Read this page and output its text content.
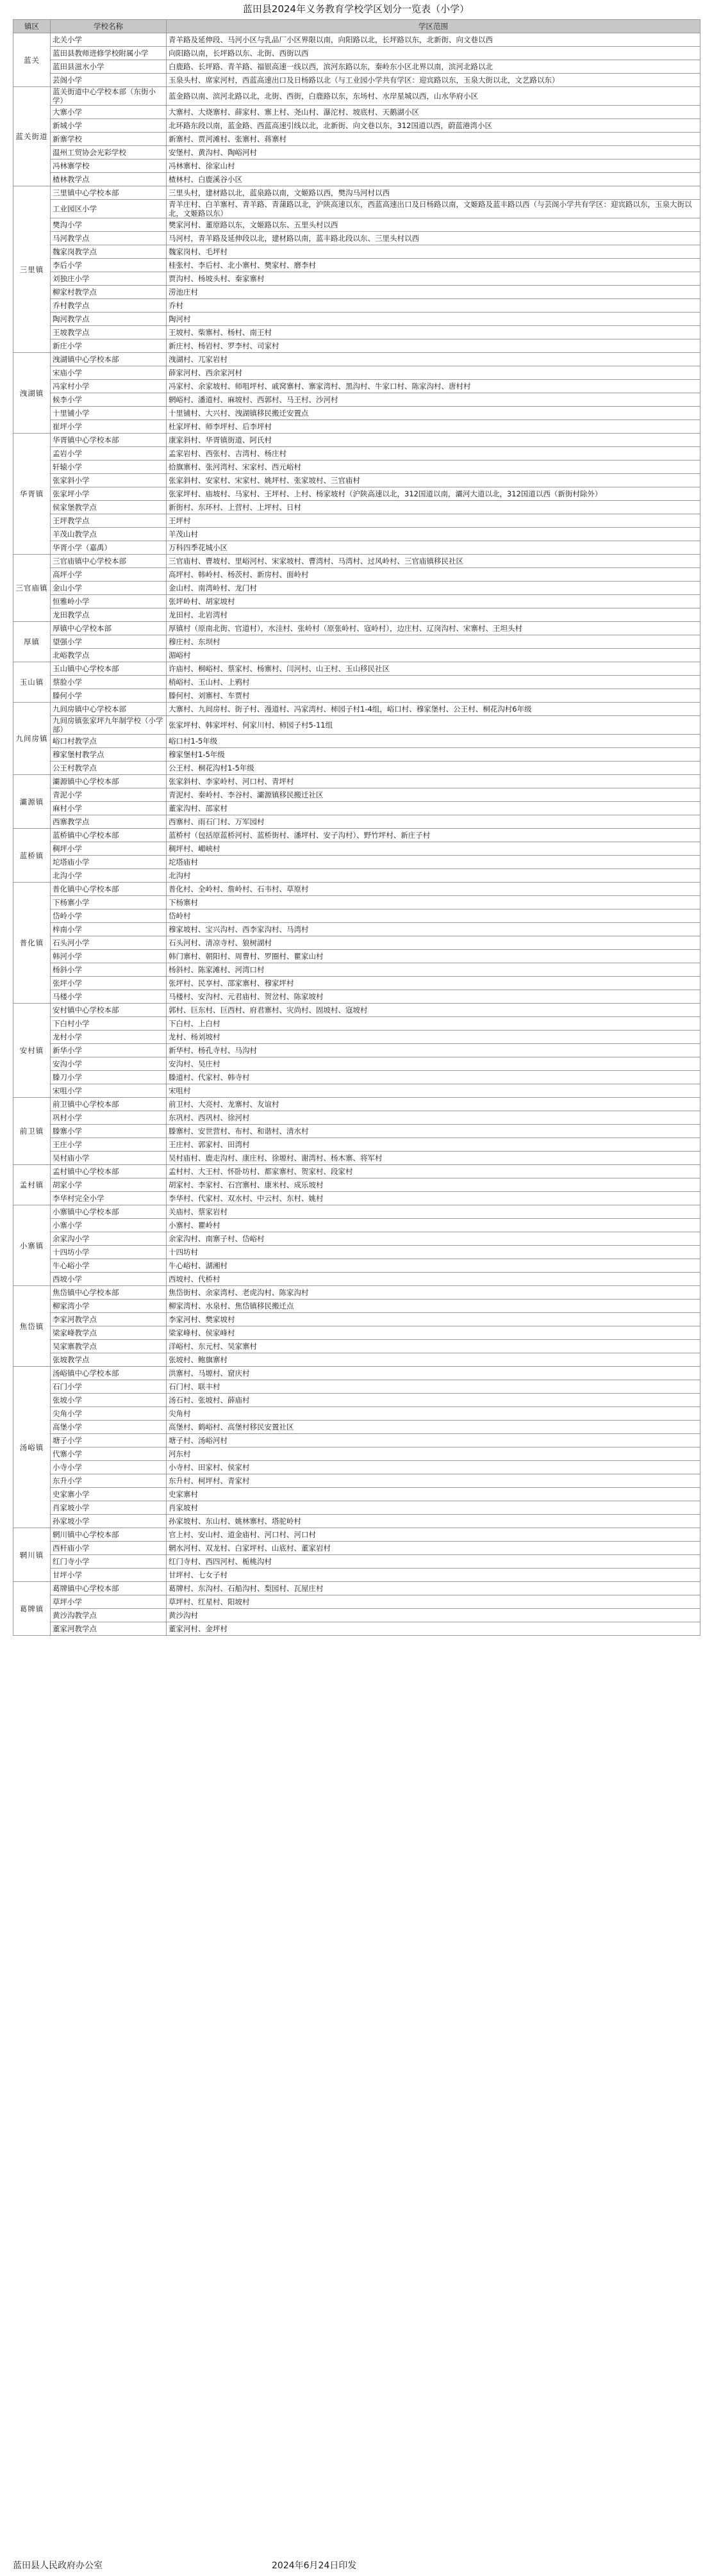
蓝田县2024年义务教育学校学区划分一览表（小学）
镇区	学校名称	学区范围
蓝关	北关小学	青羊路及延伸段、马河小区与乳品厂小区界限以南，向阳路以北，长坪路以东，北新街、向文巷以西
	蓝田县教师进修学校附属小学	向阳路以南，长坪路以东、北街、西街以西
	蓝田县滋水小学	白鹿路、长坪路、青羊路、福银高速一线以西，滨河东路以东，秦岭东小区北界以南，滨河北路以北
	芸阁小学	玉泉头村、席家河村，西蓝高速出口及日杨路以北（与工业园小学共有学区：迎宾路以东，玉泉大街以北，文艺路以东）
蓝关街道	蓝关街道中心学校本部（东街小学）	蓝金路以南、滨河北路以北，北街、西街，白鹿路以东，东场村、水岸星城以西，山水华府小区
	大寨小学	大寨村、大烧寨村、薛家村、寨上村、尧山村、瀑沱村、坡底村、天鹅湖小区
	新城小学	北环路东段以南，蓝金路、西蓝高速引线以北，北新街、向文巷以东，312国道以西，蔚蓝港湾小区
	新寨学校	新寨村、贾河滩村、张寨村、蒋寨村
	温州工贸协会光彩学校	安堡村、黄沟村、陶峪河村
	冯林寨学校	冯林寨村、徐家山村
	楂林教学点	楂林村、白鹿溪谷小区
三里镇	三里镇中心学校本部	三里头村，建材路以北，蓝泉路以南，文姬路以西，樊沟马河村以西
	工业园区小学	青羊庄村、白羊寨村、青羊路、青蒲路以北，沪陕高速以东，西蓝高速出口及日杨路以南，文姬路及蓝丰路以西（与芸阁小学共有学区：迎宾路以东，玉泉大街以北，文姬路以东）
	樊沟小学	樊家河村、董原路以东，文姬路以东、五里头村以西
	马河教学点	马河村，青羊路及延伸段以北，建材路以南，蓝丰路北段以东、三里头村以西
	魏家岗教学点	魏家岗村、毛坪村
	李后小学	桂张村、李后村、北小寨村、樊家村、磨李村
	刘独庄小学	贾沟村、杨坡头村、秦家寨村
	柳家村教学点	涝池庄村
	乔村教学点	乔村
	陶河教学点	陶河村
	王坡教学点	王坡村、柴寨村、杨村、南王村
	新庄小学	新庄村、杨岩村、罗李村、司家村
洩湖镇	洩湖镇中心学校本部	洩湖村、兀家岩村
	宋庙小学	薛家河村、西余家河村
	冯家村小学	冯家村、余家坡村、师咀坪村、戚窝寨村、寨家湾村、黑沟村、牛家口村、陈家沟村、唐村村
	候李小学	辋峪村、潘道村、麻坡村、西郭村、马王村、沙河村
	十里铺小学	十里铺村、大兴村、洩湖镇移民搬迁安置点
	崔坪小学	杜家坪村、师李坪村、后李坪村
华胥镇	华胥镇中心学校本部	康家斜村、华胥镇街道、阿氏村
	孟岩小学	孟家岩村、西张村、吉湾村、杨庄村
	轩辕小学	拾旗寨村、张河湾村、宋家村、西元峪村
	张家斜小学	张家斜村、安家村、宋家村、姚坪村、张家坡村、三官庙村
	张家坪小学	张家坪村、庙坡村、马家村、王坪村、上村、杨家坡村（沪陕高速以北，312国道以南，灞河大道以北，312国道以西（新街村除外）
	侯家堡教学点	新街村、东环村、上营村、上坪村、日村
	王坪教学点	王坪村
	羊茂山教学点	羊茂山村
	华胥小学（嘉禹）	万科四季花城小区
三官庙镇	三官庙镇中心学校本部	三官庙村、曹坡村、里峪河村、宋家坡村、曹湾村、马湾村、过风岭村、三官庙镇移民社区
	高坪小学	高坪村、韩岭村、杨茨村、新房村、面岭村
	金山小学	金山村、南湾岭村、龙门村
	恒雅岭小学	张坪岭村、胡家坡村
	龙田教学点	龙田村、北岩湾村
厚镇	厚镇中心学校本部	厚镇村（原南北街、官道村），水洼村、张岭村（原张岭村、寇岭村），边庄村、辽岗沟村、宋寨村、王坦头村
	望强小学	穆庄村、东坝村
	北峪教学点	湄峪村
玉山镇	玉山镇中心学校本部	许庙村、桐峪村、蔡家村、杨寨村、闫河村、山王村、玉山移民社区
	蔡脸小学	梢峪村、玉山村、上鸦村
	滕何小学	滕何村、刘寨村、车贾村
九间房镇	九间房镇中心学校本部	大寨村、九间房村、街子村、漫道村、冯家湾村、柿园子村1-4组，峪口村、穆家堡村、公王村、桐花沟村6年级
	九间房镇张家坪九年制学校（小学部）	张家坪村、韩家坪村、何家川村、柿园子村5-11组
	峪口村教学点	峪口村1-5年级
	穆家堡村教学点	穆家堡村1-5年级
	公王村教学点	公王村、桐花沟村1-5年级
灞源镇	灞源镇中心学校本部	张家斜村、李家岭村、河口村、青坪村
	青泥小学	青泥村、秦岭村、李谷村、灞源镇移民搬迁社区
	麻村小学	董家沟村、邵家村
	西寨教学点	西寨村、雨石门村、万军园村
蓝桥镇	蓝桥镇中心学校本部	蓝桥村（包括原蓝桥河村、蓝桥街村、潘坪村、安子沟村）、野竹坪村、新庄子村
	稠坪小学	稠坪村、嵋峡村
	坨塔庙小学	坨塔庙村
	北沟小学	北沟村
普化镇	普化镇中心学校本部	普化村、全岭村、詹岭村、石韦村、草原村
	下杨寨小学	下杨寨村
	岱岭小学	岱岭村
	梓南小学	穆家坡村、宝兴沟村、西李家沟村、马湾村
	石头河小学	石头河村、清凉寺村、狼树湖村
	韩河小学	韩门寨村、朝阳村、周曹村、罗圈村、瞿家山村
	杨斜小学	杨斜村、陈家滩村、河湾口村
	张坪小学	张坪村、民享村、邵家寨村、穆家坪村
	马楼小学	马楼村、安沟村、元君庙村、贺岔村、陈家坡村
安村镇	安村镇中心学校本部	郭村、巨东村、巨西村、府君寨村、灾尚村、固坡村、寇坡村
	下白村小学	下白村、上白村
	龙村小学	龙村、杨刘坡村
	新华小学	新华村、杨孔寺村、马沟村
	安沟小学	安沟村、吴庄村
	滕刀小学	滕道村、代家村、韩寺村
	宋咀小学	宋咀村
前卫镇	前卫镇中心学校本部	前卫村、大亮村、龙寨村、友谊村
	巩村小学	东巩村、西巩村、徐河村
	滕寨小学	滕寨村、安世营村、布村、和谐村、清水村
	王庄小学	王庄村、郭家村、田湾村
	吴村庙小学	吴村庙村、鹿走沟村、康庄村、徐塬村、谢湾村、杨木寨、将军村
孟村镇	孟村镇中心学校本部	孟村村、大王村、怀卧坊村、都家寨村、贺家村、段家村
	胡家小学	胡家村、李家村、石宫寨村、康米村、成乐坡村
	李华村完全小学	李华村、代家村、双水村、中云村、东村、姚村
小寨镇	小寨镇中心学校本部	关庙村、蔡家岩村
	小寨小学	小寨村、瞿岭村
	余家沟小学	余家沟村、南寨子村、岱峪村
	十四坊小学	十四坊村
	牛心峪小学	牛心峪村、湖湘村
	西坡小学	西坡村、代桥村
焦岱镇	焦岱镇中心学校本部	焦岱街村、余家湾村、老虎沟村、陈家沟村
	柳家湾小学	柳家湾村、水泉村、焦岱镇移民搬迁点
	李家河教学点	李家河村、樊家坡村
	梁家峰教学点	梁家峰村、侯家峰村
	吴家寨教学点	洋峪村、东元村、吴家寨村
	张坡教学点	张坡村、鲍旗寨村
汤峪镇	汤峪镇中心学校本部	洪寨村、马塬村、窟庆村
	石门小学	石门村、联丰村
	张坡小学	汤石村、张坡村、薛庙村
	尖角小学	尖角村
	高堡小学	高堡村、鹤峪村、高堡村移民安置社区
	塘子小学	塘子村、汤峪河村
	代寨小学	河东村
	小寺小学	小寺村、田家村、侯家村
	东升小学	东升村、柯坪村、青家村
	史家寨小学	史家寨村
	肖家坡小学	肖家坡村
	孙家坡小学	孙家坡村、东山村、姚林寨村、塔驼岭村
辋川镇	辋川镇中心学校本部	官上村、安山村、道金庙村、河口村、河口村
	西杆庙小学	辋水河村、双龙村、白家坪村、山底村、董家岩村
	红门寺小学	红门寺村、西四河村、栀桃沟村
	甘坪小学	甘坪村、七女子村
葛牌镇	葛牌镇中心学校本部	葛牌村、东沟村、石船沟村、梨园村、瓦屋庄村
	草坪小学	草坪村、红星村、阳坡村
	黄沙沟教学点	黄沙沟村
	董家河教学点	董家河村、金坪村
蓝田县人民政府办公室	2024年6月24日印发
